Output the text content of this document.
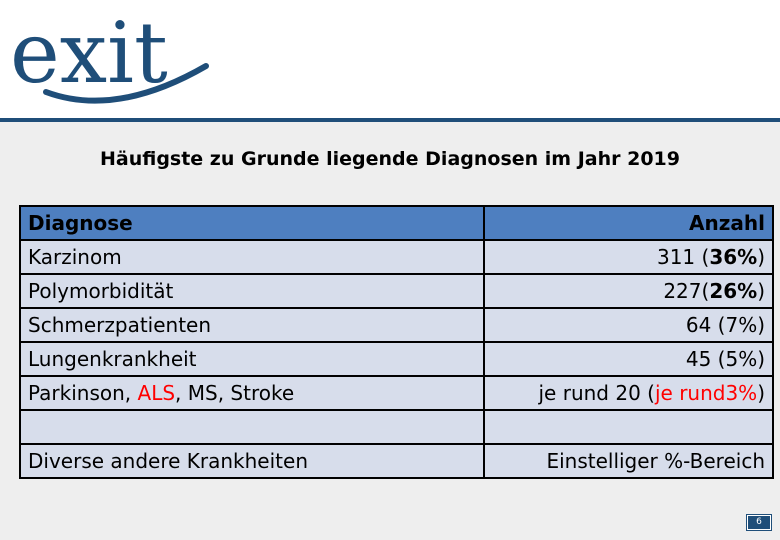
exit
Häufigste zu Grunde liegende Diagnosen im Jahr 2019
Diagnose	Anzahl
Karzinom	311 (36%)
Polymorbidität	227(26%)
Schmerzpatienten	64 (7%)
Lungenkrankheit	45 (5%)
Parkinson, ALS, MS, Stroke	je rund 20 (je rund3%)

Diverse andere Krankheiten	Einstelliger %-Bereich
6
